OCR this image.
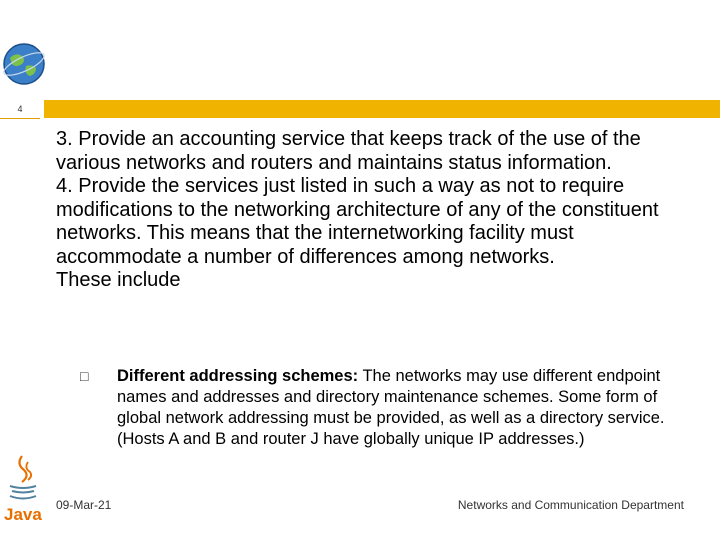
4

3. Provide an accounting service that keeps track of the use of the various networks and routers and maintains status information.

4. Provide the services just listed in such a way as not to require modifications to the networking architecture of any of the constituent networks. This means that the internetworking facility must accommodate a number of differences among networks.

These include

□	Different addressing schemes: The networks may use different endpoint names and addresses and directory maintenance schemes. Some form of global network addressing must be provided, as well as a directory service. (Hosts A and B and router J have globally unique IP addresses.)
Java 09-Mar-21	Networks and Communication Department
